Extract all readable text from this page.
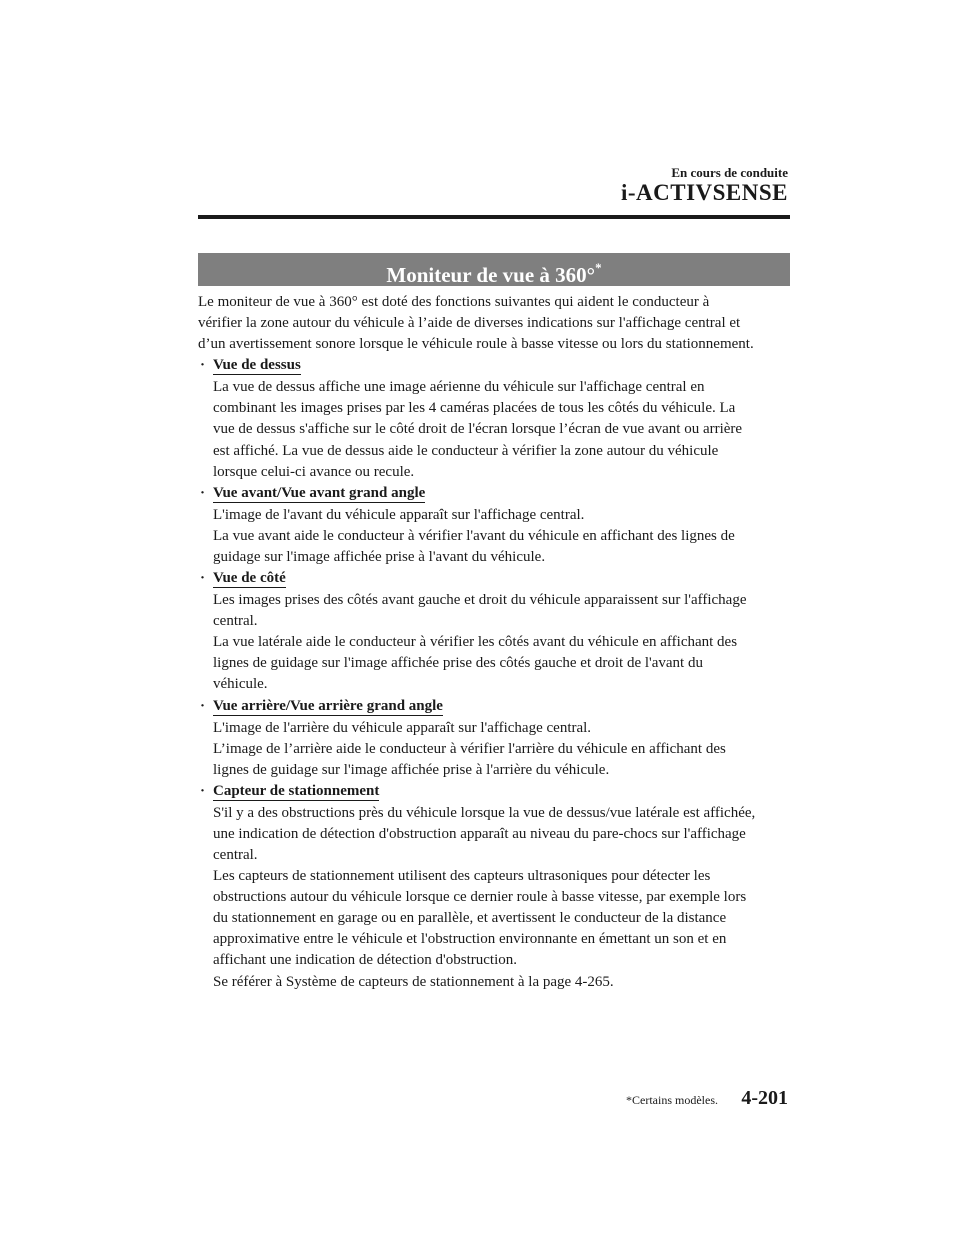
En cours de conduite
i-ACTIVSENSE
Moniteur de vue à 360°*

Le moniteur de vue à 360° est doté des fonctions suivantes qui aident le conducteur à
vérifier la zone autour du véhicule à l’aide de diverses indications sur l'affichage central et
d’un avertissement sonore lorsque le véhicule roule à basse vitesse ou lors du stationnement.

· Vue de dessus

La vue de dessus affiche une image aérienne du véhicule sur l'affichage central en
combinant les images prises par les 4 caméras placées de tous les côtés du véhicule. La
vue de dessus s'affiche sur le côté droit de l'écran lorsque l’écran de vue avant ou arrière
est affiché. La vue de dessus aide le conducteur à vérifier la zone autour du véhicule
lorsque celui-ci avance ou recule.

· Vue avant/Vue avant grand angle

L'image de l'avant du véhicule apparaît sur l'affichage central.
La vue avant aide le conducteur à vérifier l'avant du véhicule en affichant des lignes de
guidage sur l'image affichée prise à l'avant du véhicule.

· Vue de côté

Les images prises des côtés avant gauche et droit du véhicule apparaissent sur l'affichage
central.
La vue latérale aide le conducteur à vérifier les côtés avant du véhicule en affichant des
lignes de guidage sur l'image affichée prise des côtés gauche et droit de l'avant du
véhicule.

· Vue arrière/Vue arrière grand angle

L'image de l'arrière du véhicule apparaît sur l'affichage central.
L’image de l’arrière aide le conducteur à vérifier l'arrière du véhicule en affichant des
lignes de guidage sur l'image affichée prise à l'arrière du véhicule.

· Capteur de stationnement

S'il y a des obstructions près du véhicule lorsque la vue de dessus/vue latérale est affichée,
une indication de détection d'obstruction apparaît au niveau du pare-chocs sur l'affichage
central.
Les capteurs de stationnement utilisent des capteurs ultrasoniques pour détecter les
obstructions autour du véhicule lorsque ce dernier roule à basse vitesse, par exemple lors
du stationnement en garage ou en parallèle, et avertissent le conducteur de la distance
approximative entre le véhicule et l'obstruction environnante en émettant un son et en
affichant une indication de détection d'obstruction.
Se référer à Système de capteurs de stationnement à la page 4-265.

*Certains modèles. 4-201
